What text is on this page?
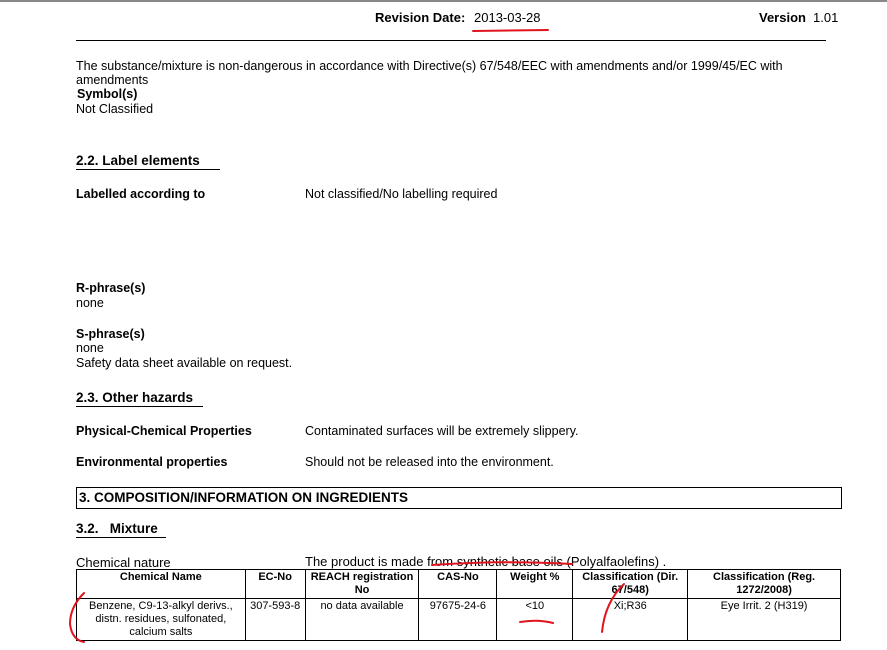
Revision Date: 2013-03-28	Version 1.01
The substance/mixture is non-dangerous in accordance with Directive(s) 67/548/EEC with amendments and/or 1999/45/EC with
amendments
Symbol(s)
Not Classified
2.2. Label elements
Labelled according to	Not classified/No labelling required
R-phrase(s)
none
S-phrase(s)
none
Safety data sheet available on request.
2.3. Other hazards
Physical-Chemical Properties	Contaminated surfaces will be extremely slippery.
Environmental properties	Should not be released into the environment.
3. COMPOSITION/INFORMATION ON INGREDIENTS
3.2.   Mixture
Chemical nature	The product is made from synthetic base oils (Polyalfaolefins) .
Chemical Name	EC-No	REACH registration No	CAS-No	Weight %	Classification (Dir. 67/548)	Classification (Reg. 1272/2008)
Benzene, C9-13-alkyl derivs., distn. residues, sulfonated, calcium salts	307-593-8	no data available	97675-24-6	<10	Xi;R36	Eye Irrit. 2 (H319)
